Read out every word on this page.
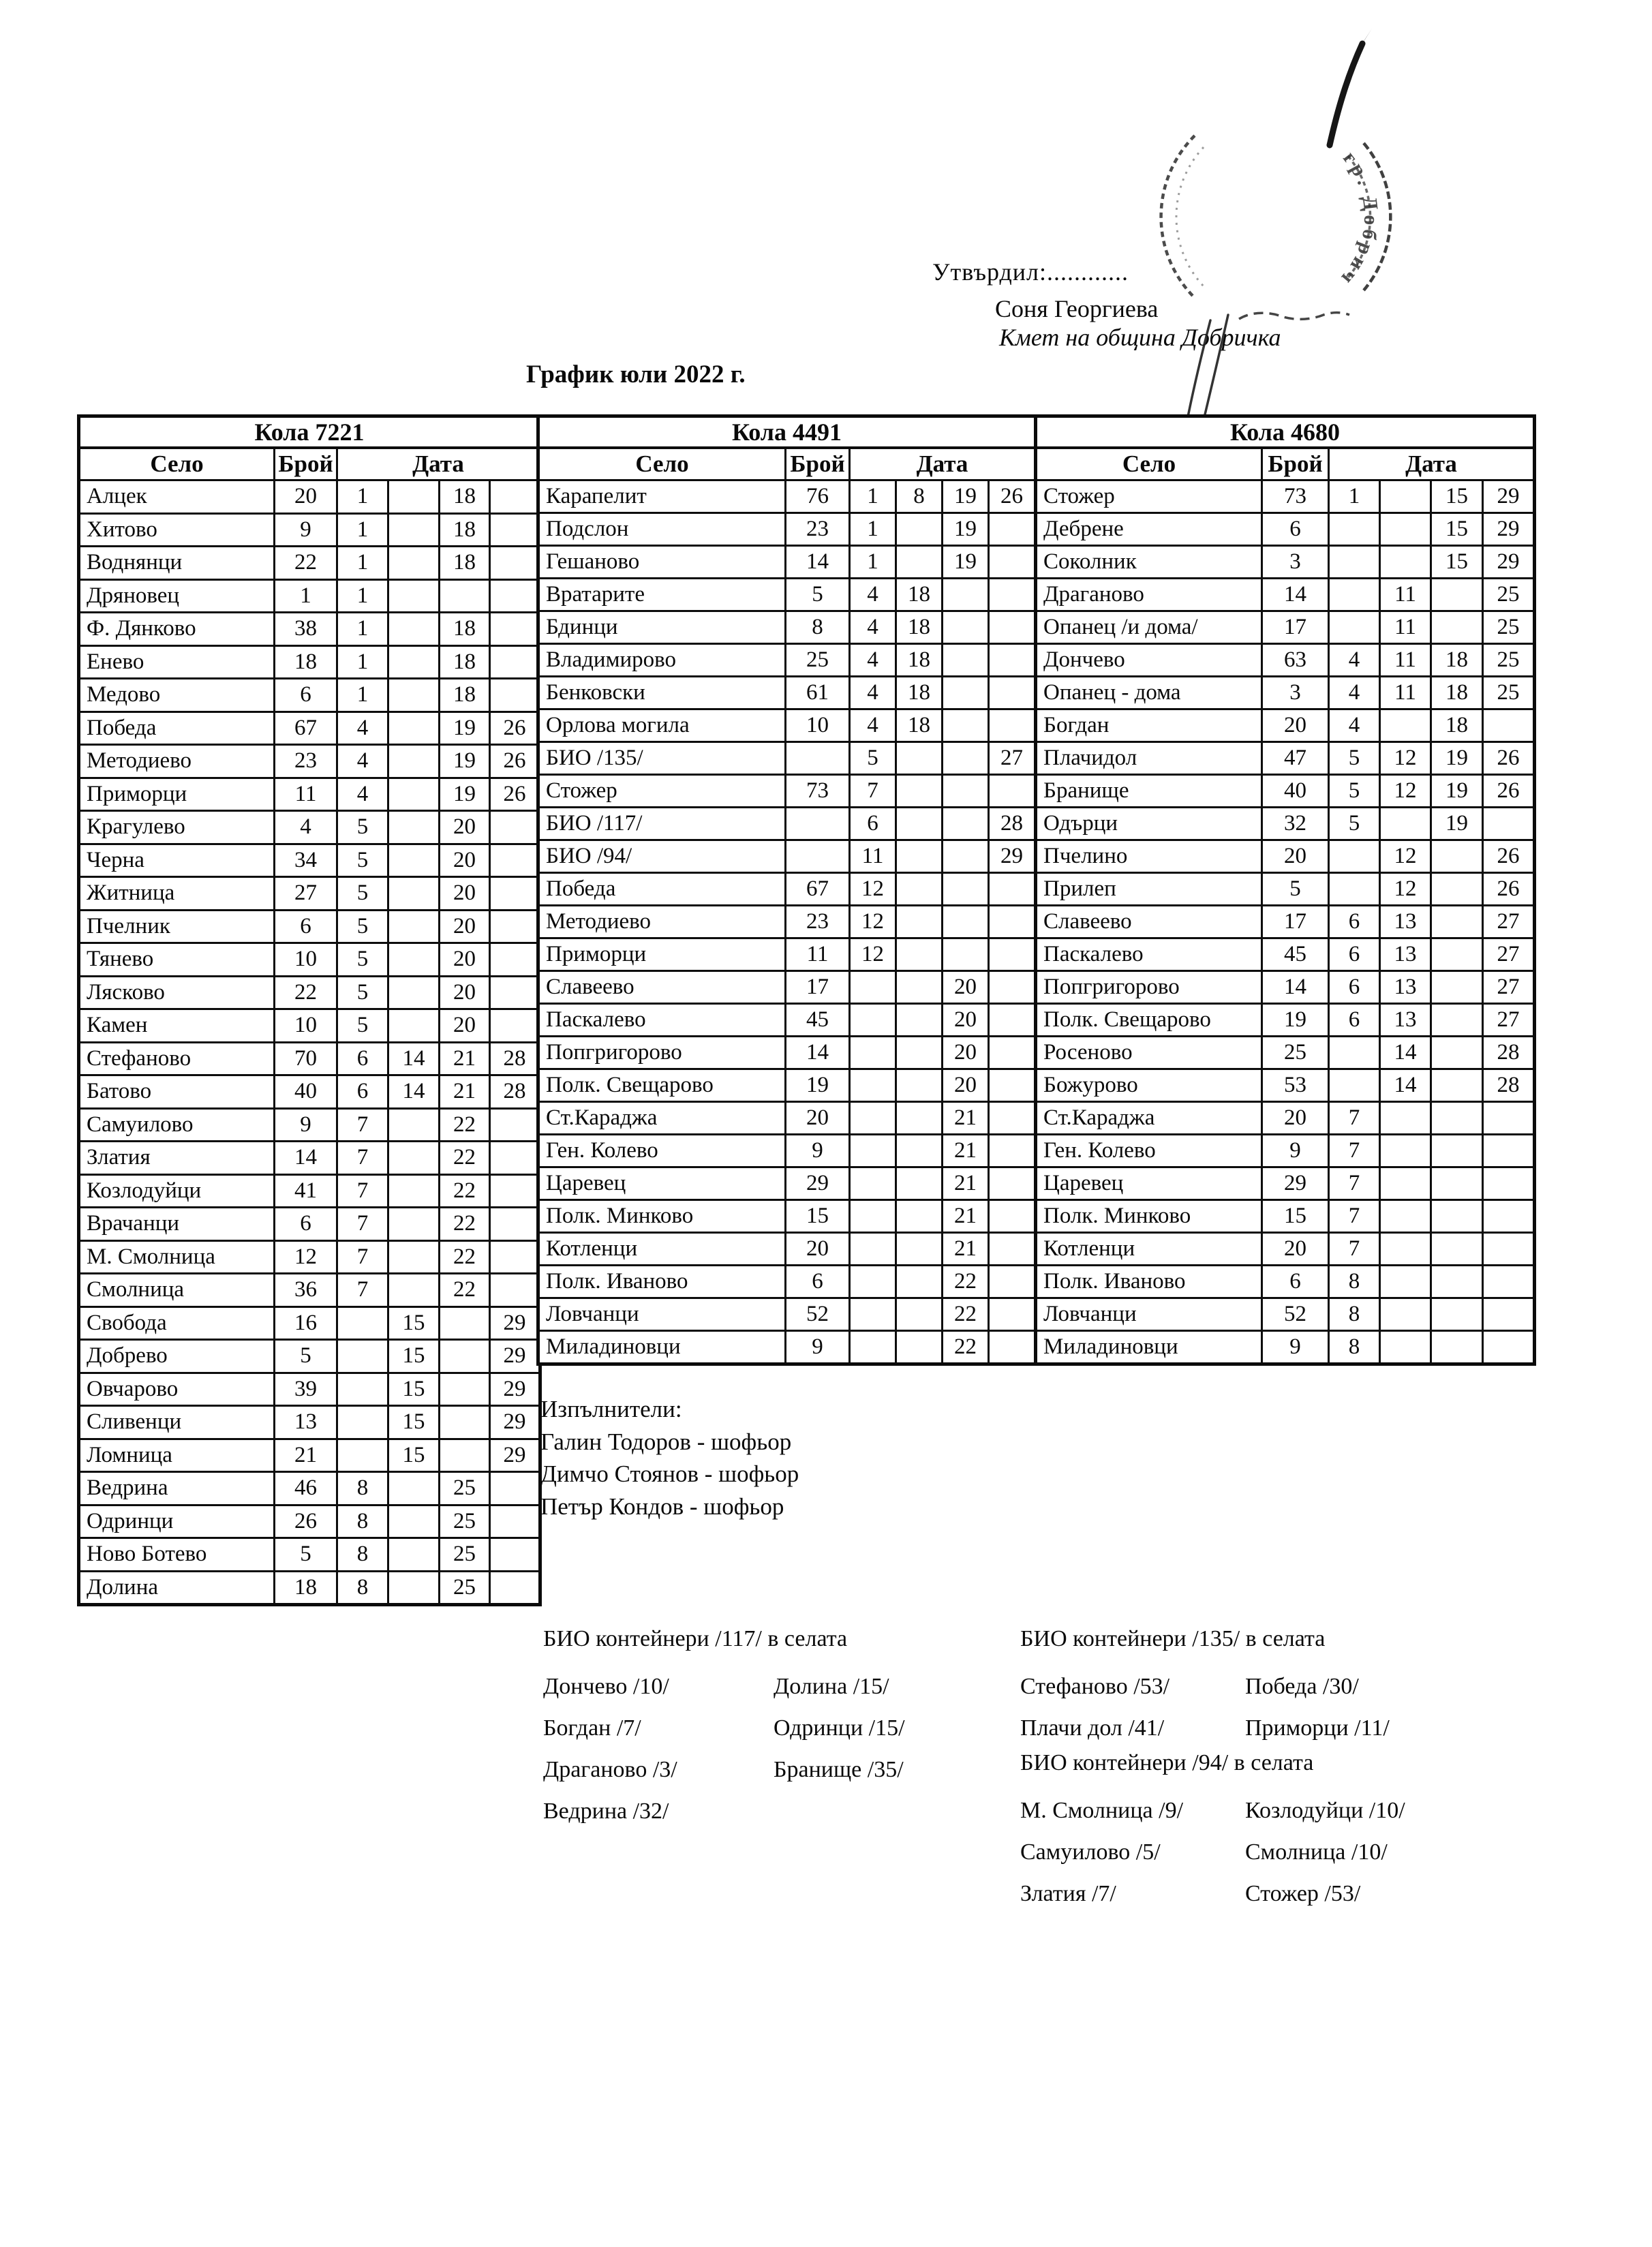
Утвърдил:............
Соня Георгиева
Кмет на община Добричка
График юли 2022 г.
гр. Добрич
Кола 7221					
Село	Брой	Дата			
Алцек	20	1		18	
Хитово	9	1		18	
Воднянци	22	1		18	
Дряновец	1	1			
Ф. Дянково	38	1		18	
Енево	18	1		18	
Медово	6	1		18	
Победа	67	4		19	26
Методиево	23	4		19	26
Приморци	11	4		19	26
Крагулево	4	5		20	
Черна	34	5		20	
Житница	27	5		20	
Пчелник	6	5		20	
Тянево	10	5		20	
Лясково	22	5		20	
Камен	10	5		20	
Стефаново	70	6	14	21	28
Батово	40	6	14	21	28
Самуилово	9	7		22	
Златия	14	7		22	
Козлодуйци	41	7		22	
Врачанци	6	7		22	
М. Смолница	12	7		22	
Смолница	36	7		22	
Свобода	16		15		29
Добрево	5		15		29
Овчарово	39		15		29
Сливенци	13		15		29
Ломница	21		15		29
Ведрина	46	8		25	
Одринци	26	8		25	
Ново Ботево	5	8		25	
Долина	18	8		25	
Кола 4491					
Село	Брой	Дата			
Карапелит	76	1	8	19	26
Подслон	23	1		19	
Гешаново	14	1		19	
Вратарите	5	4	18		
Бдинци	8	4	18		
Владимирово	25	4	18		
Бенковски	61	4	18		
Орлова могила	10	4	18		
БИО /135/		5			27
Стожер	73	7			
БИО /117/		6			28
БИО /94/		11			29
Победа	67	12			
Методиево	23	12			
Приморци	11	12			
Славеево	17			20	
Паскалево	45			20	
Попгригорово	14			20	
Полк. Свещарово	19			20	
Ст.Караджа	20			21	
Ген. Колево	9			21	
Царевец	29			21	
Полк. Минково	15			21	
Котленци	20			21	
Полк. Иваново	6			22	
Ловчанци	52			22	
Миладиновци	9			22	
Кола 4680					
Село	Брой	Дата			
Стожер	73	1		15	29
Дебрене	6			15	29
Соколник	3			15	29
Драганово	14		11		25
Опанец /и дома/	17		11		25
Дончево	63	4	11	18	25
Опанец - дома	3	4	11	18	25
Богдан	20	4		18	
Плачидол	47	5	12	19	26
Бранище	40	5	12	19	26
Одърци	32	5		19	
Пчелино	20		12		26
Прилеп	5		12		26
Славеево	17	6	13		27
Паскалево	45	6	13		27
Попгригорово	14	6	13		27
Полк. Свещарово	19	6	13		27
Росеново	25		14		28
Божурово	53		14		28
Ст.Караджа	20	7			
Ген. Колево	9	7			
Царевец	29	7			
Полк. Минково	15	7			
Котленци	20	7			
Полк. Иваново	6	8			
Ловчанци	52	8			
Миладиновци	9	8			
Изпълнители:
Галин Тодоров - шофьор
Димчо Стоянов - шофьор
Петър Кондов - шофьор
БИО контейнери /117/ в селата
Дончево /10/
Богдан /7/
Драганово /3/
Ведрина /32/
Долина /15/
Одринци /15/
Бранище /35/
БИО контейнери /135/ в селата
Стефаново /53/
Плачи дол /41/
Победа /30/
Приморци /11/
БИО контейнери /94/ в селата
М. Смолница /9/
Самуилово /5/
Златия /7/
Козлодуйци /10/
Смолница /10/
Стожер /53/
